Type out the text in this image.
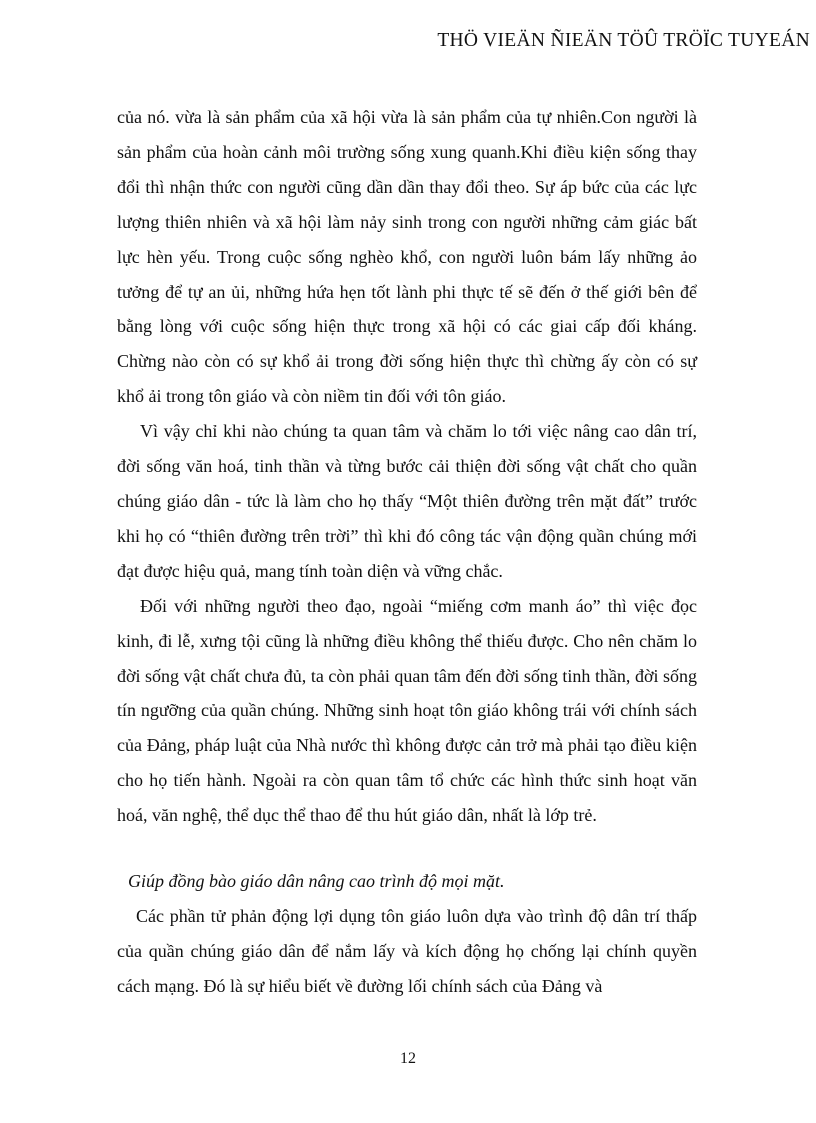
THÖ VIEÄN ÑIEÄN TÖÛ TRÖÏC TUYEÁN

của nó. vừa là sản phẩm của xã hội vừa là sản phẩm của tự nhiên.Con người là sản phẩm của hoàn cảnh môi trường sống xung quanh.Khi điều kiện sống thay đổi thì nhận thức con người cũng dần dần thay đổi theo. Sự áp bức của các lực lượng thiên nhiên và xã hội làm nảy sinh trong con người những cảm giác bất lực hèn yếu. Trong cuộc sống nghèo khổ, con người luôn bám lấy những ảo tưởng để tự an ủi, những hứa hẹn tốt lành phi thực tế sẽ đến ở thế giới bên để bằng lòng với cuộc sống hiện thực trong xã hội có các giai cấp đối kháng. Chừng nào còn có sự khổ ải trong đời sống hiện thực thì chừng ấy còn có sự khổ ải trong tôn giáo và còn niềm tin đối với tôn giáo.

Vì vậy chỉ khi nào chúng ta quan tâm và chăm lo tới việc nâng cao dân trí, đời sống văn hoá, tinh thần và từng bước cải thiện đời sống vật chất cho quần chúng giáo dân - tức là làm cho họ thấy “Một thiên đường trên mặt đất” trước khi họ có “thiên đường trên trời” thì khi đó công tác vận động quần chúng mới đạt được hiệu quả, mang tính toàn diện và vững chắc.

Đối với những người theo đạo, ngoài “miếng cơm manh áo” thì việc đọc kinh, đi lễ, xưng tội cũng là những điều không thể thiếu được. Cho nên chăm lo đời sống vật chất chưa đủ, ta còn phải quan tâm đến đời sống tinh thần, đời sống tín ngưỡng của quần chúng. Những sinh hoạt tôn giáo không trái với chính sách của Đảng, pháp luật của Nhà nước thì không được cản trở mà phải tạo điều kiện cho họ tiến hành. Ngoài ra còn quan tâm tổ chức các hình thức sinh hoạt văn hoá, văn nghệ, thể dục thể thao để thu hút giáo dân, nhất là lớp trẻ.

Giúp đồng bào giáo dân nâng cao trình độ mọi mặt.

Các phần tử phản động lợi dụng tôn giáo luôn dựa vào trình độ dân trí thấp của quần chúng giáo dân để nắm lấy và kích động họ chống lại chính quyền cách mạng. Đó là sự hiểu biết về đường lối chính sách của Đảng và

12
